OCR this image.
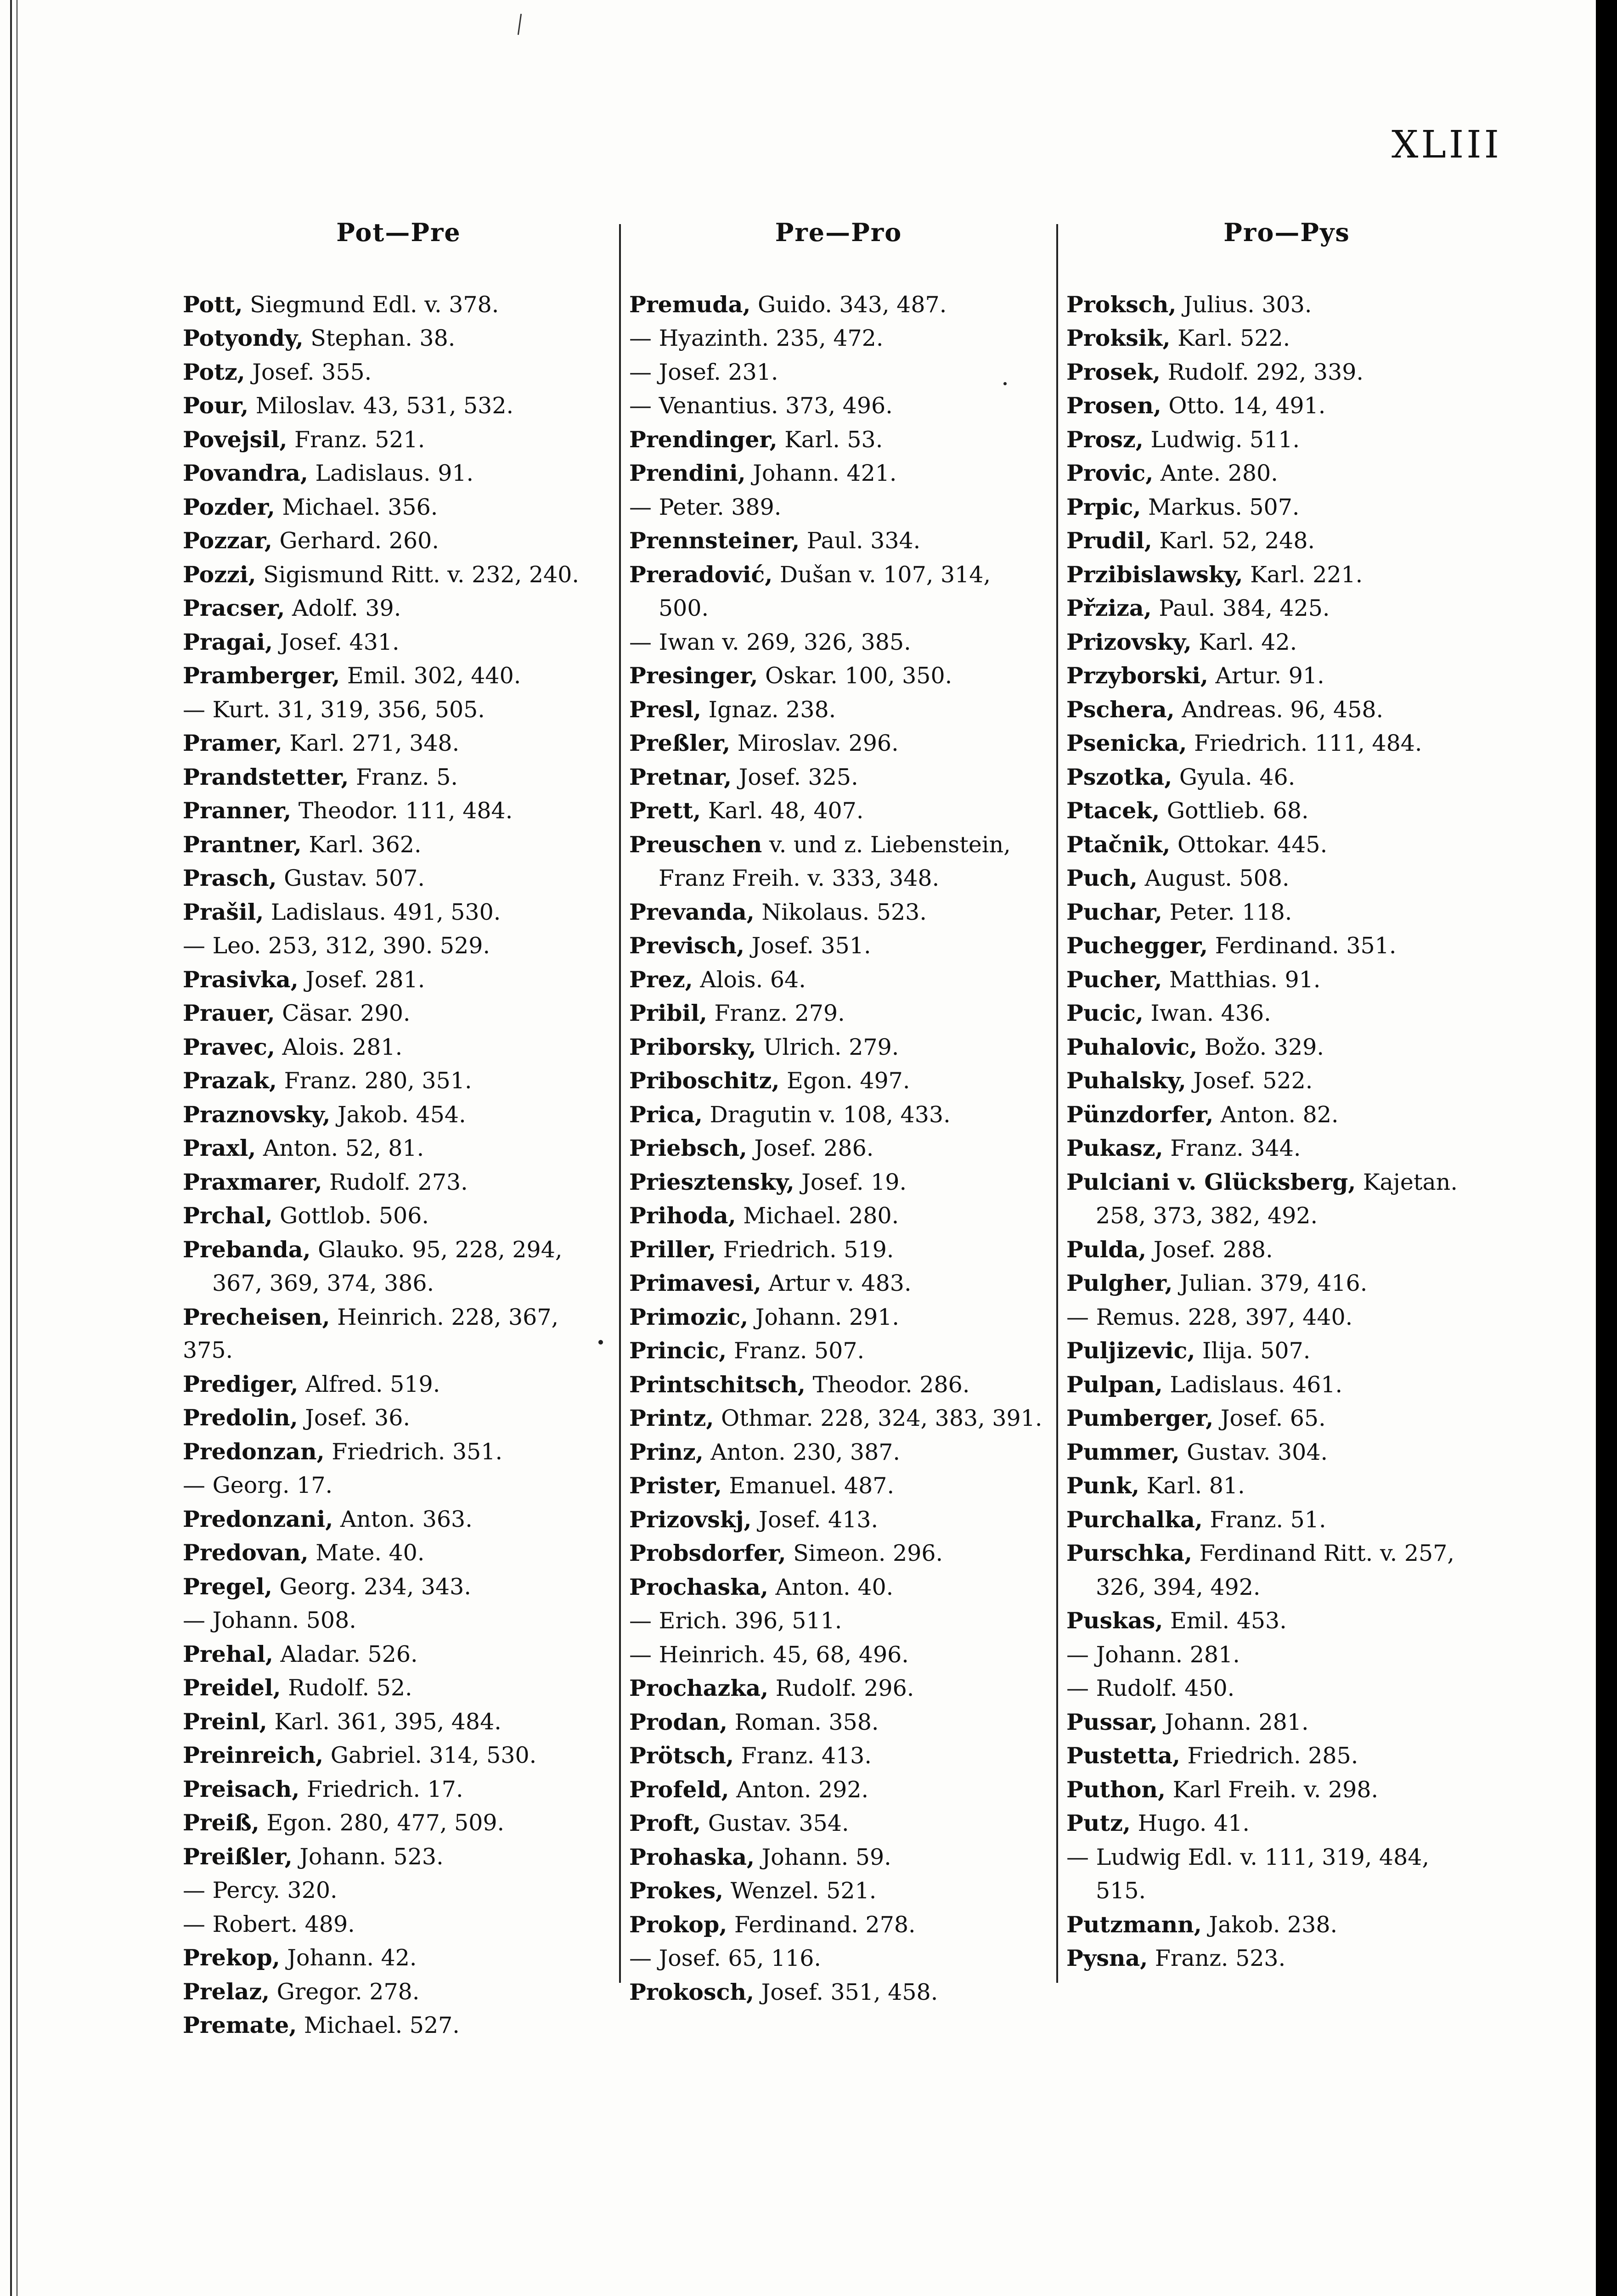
XLIII
Pot—Pre

Pott, Siegmund Edl. v. 378.

Potyondy, Stephan. 38.

Potz, Josef. 355.

Pour, Miloslav. 43, 531, 532.

Povejsil, Franz. 521.

Povandra, Ladislaus. 91.

Pozder, Michael. 356.

Pozzar, Gerhard. 260.

Pozzi, Sigismund Ritt. v. 232, 240.

Pracser, Adolf. 39.

Pragai, Josef. 431.

Pramberger, Emil. 302, 440.

— Kurt. 31, 319, 356, 505.

Pramer, Karl. 271, 348.

Prandstetter, Franz. 5.

Pranner, Theodor. 111, 484.

Prantner, Karl. 362.

Prasch, Gustav. 507.

Prašil, Ladislaus. 491, 530.

— Leo. 253, 312, 390. 529.

Prasivka, Josef. 281.

Prauer, Cäsar. 290.

Pravec, Alois. 281.

Prazak, Franz. 280, 351.

Praznovsky, Jakob. 454.

Praxl, Anton. 52, 81.

Praxmarer, Rudolf. 273.

Prchal, Gottlob. 506.

Prebanda, Glauko. 95, 228, 294,

367, 369, 374, 386.

Precheisen, Heinrich. 228, 367, 375.

Prediger, Alfred. 519.

Predolin, Josef. 36.

Predonzan, Friedrich. 351.

— Georg. 17.

Predonzani, Anton. 363.

Predovan, Mate. 40.

Pregel, Georg. 234, 343.

— Johann. 508.

Prehal, Aladar. 526.

Preidel, Rudolf. 52.

Preinl, Karl. 361, 395, 484.

Preinreich, Gabriel. 314, 530.

Preisach, Friedrich. 17.

Preiß, Egon. 280, 477, 509.

Preißler, Johann. 523.

— Percy. 320.

— Robert. 489.

Prekop, Johann. 42.

Prelaz, Gregor. 278.

Premate, Michael. 527.

Pre—Pro

Premuda, Guido. 343, 487.

— Hyazinth. 235, 472.

— Josef. 231.

— Venantius. 373, 496.

Prendinger, Karl. 53.

Prendini, Johann. 421.

— Peter. 389.

Prennsteiner, Paul. 334.

Preradović, Dušan v. 107, 314,

500.

— Iwan v. 269, 326, 385.

Presinger, Oskar. 100, 350.

Presl, Ignaz. 238.

Preßler, Miroslav. 296.

Pretnar, Josef. 325.

Prett, Karl. 48, 407.

Preuschen v. und z. Liebenstein,

Franz Freih. v. 333, 348.

Prevanda, Nikolaus. 523.

Previsch, Josef. 351.

Prez, Alois. 64.

Pribil, Franz. 279.

Priborsky, Ulrich. 279.

Priboschitz, Egon. 497.

Prica, Dragutin v. 108, 433.

Priebsch, Josef. 286.

Priesztensky, Josef. 19.

Prihoda, Michael. 280.

Priller, Friedrich. 519.

Primavesi, Artur v. 483.

Primozic, Johann. 291.

Princic, Franz. 507.

Printschitsch, Theodor. 286.

Printz, Othmar. 228, 324, 383, 391.

Prinz, Anton. 230, 387.

Prister, Emanuel. 487.

Prizovskj, Josef. 413.

Probsdorfer, Simeon. 296.

Prochaska, Anton. 40.

— Erich. 396, 511.

— Heinrich. 45, 68, 496.

Prochazka, Rudolf. 296.

Prodan, Roman. 358.

Prötsch, Franz. 413.

Profeld, Anton. 292.

Proft, Gustav. 354.

Prohaska, Johann. 59.

Prokes, Wenzel. 521.

Prokop, Ferdinand. 278.

— Josef. 65, 116.

Prokosch, Josef. 351, 458.

Pro—Pys

Proksch, Julius. 303.

Proksik, Karl. 522.

Prosek, Rudolf. 292, 339.

Prosen, Otto. 14, 491.

Prosz, Ludwig. 511.

Provic, Ante. 280.

Prpic, Markus. 507.

Prudil, Karl. 52, 248.

Przibislawsky, Karl. 221.

Přziza, Paul. 384, 425.

Prizovsky, Karl. 42.

Przyborski, Artur. 91.

Pschera, Andreas. 96, 458.

Psenicka, Friedrich. 111, 484.

Pszotka, Gyula. 46.

Ptacek, Gottlieb. 68.

Ptačnik, Ottokar. 445.

Puch, August. 508.

Puchar, Peter. 118.

Puchegger, Ferdinand. 351.

Pucher, Matthias. 91.

Pucic, Iwan. 436.

Puhalovic, Božo. 329.

Puhalsky, Josef. 522.

Pünzdorfer, Anton. 82.

Pukasz, Franz. 344.

Pulciani v. Glücksberg, Kajetan.

258, 373, 382, 492.

Pulda, Josef. 288.

Pulgher, Julian. 379, 416.

— Remus. 228, 397, 440.

Puljizevic, Ilija. 507.

Pulpan, Ladislaus. 461.

Pumberger, Josef. 65.

Pummer, Gustav. 304.

Punk, Karl. 81.

Purchalka, Franz. 51.

Purschka, Ferdinand Ritt. v. 257,

326, 394, 492.

Puskas, Emil. 453.

— Johann. 281.

— Rudolf. 450.

Pussar, Johann. 281.

Pustetta, Friedrich. 285.

Puthon, Karl Freih. v. 298.

Putz, Hugo. 41.

— Ludwig Edl. v. 111, 319, 484,

515.

Putzmann, Jakob. 238.

Pysna, Franz. 523.
